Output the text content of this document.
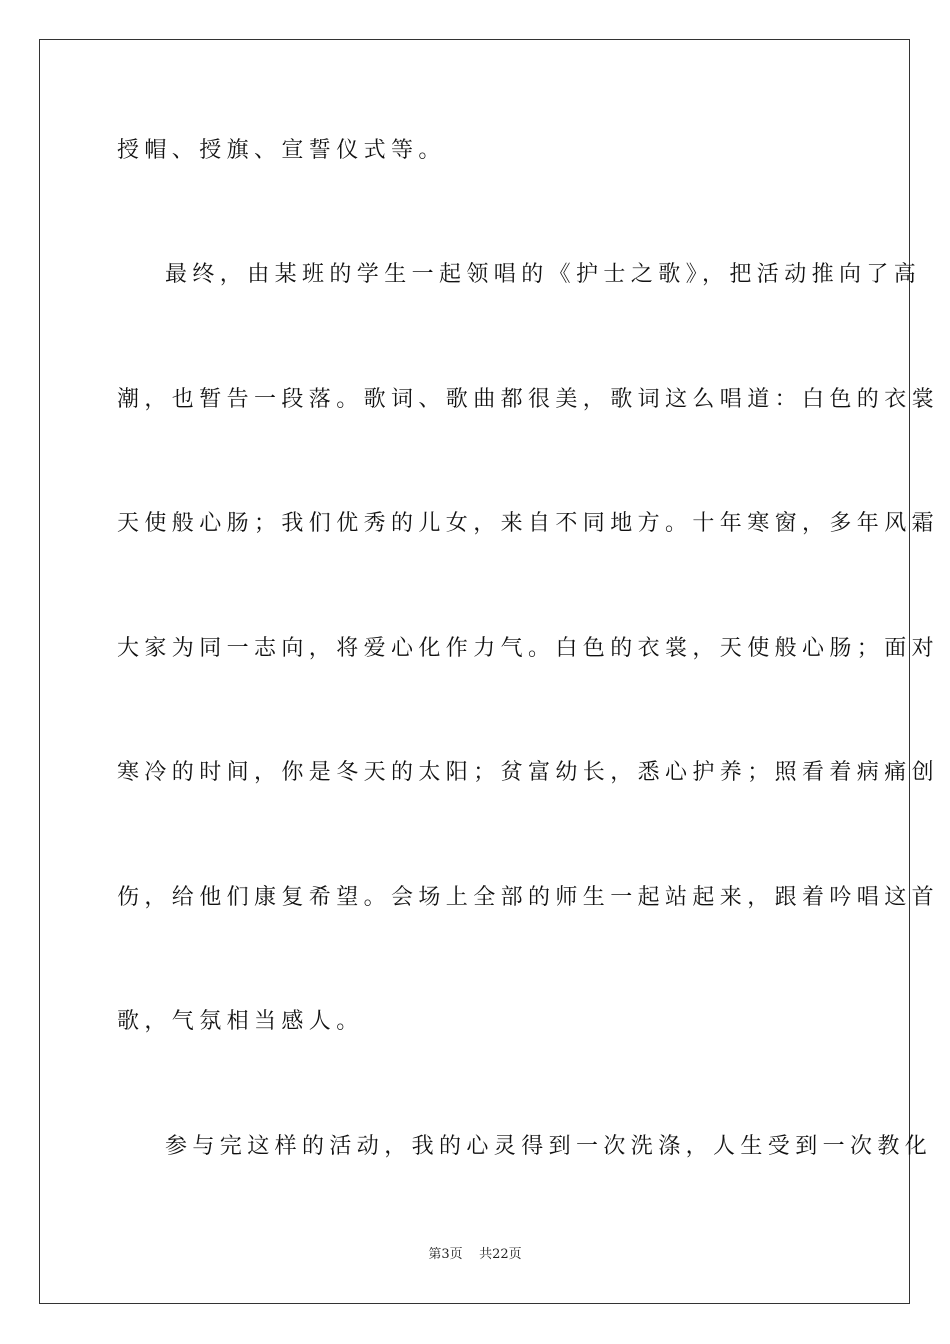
授帽、授旗、宣誓仪式等。
最终，由某班的学生一起领唱的《护士之歌》，把活动推向了高
潮，也暂告一段落。歌词、歌曲都很美，歌词这么唱道：白色的衣裳
天使般心肠；我们优秀的儿女，来自不同地方。十年寒窗，多年风霜
大家为同一志向，将爱心化作力气。白色的衣裳，天使般心肠；面对
寒冷的时间，你是冬天的太阳；贫富幼长，悉心护养；照看着病痛创
伤，给他们康复希望。会场上全部的师生一起站起来，跟着吟唱这首
歌，气氛相当感人。
参与完这样的活动，我的心灵得到一次洗涤，人生受到一次教化
第3页    共22页
